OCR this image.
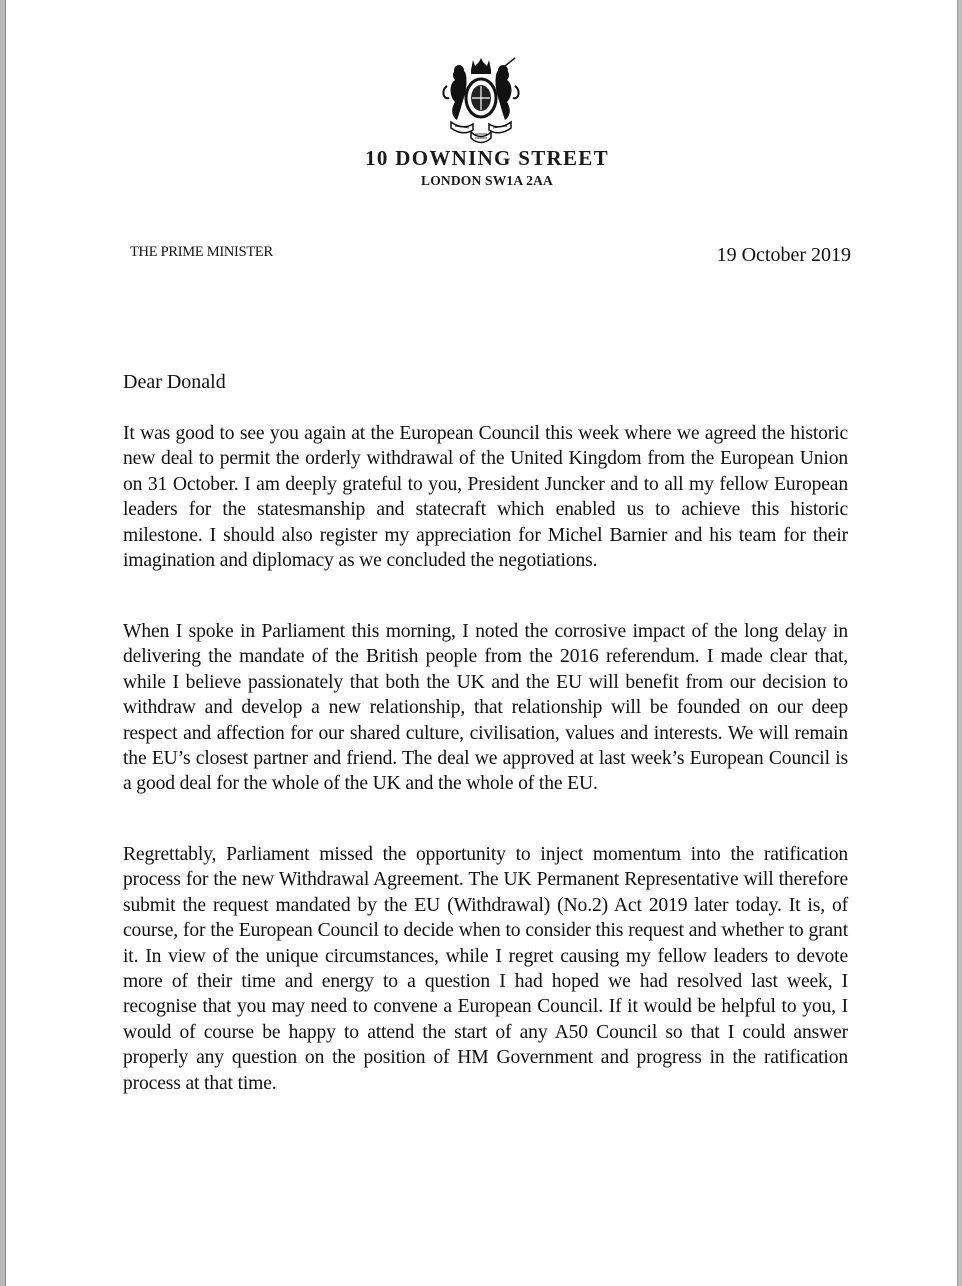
10 DOWNING STREET
LONDON SW1A 2AA
THE PRIME MINISTER	19 October 2019
Dear Donald
It was good to see you again at the European Council this week where we agreed the historic new deal to permit the orderly withdrawal of the United Kingdom from the European Union on 31 October. I am deeply grateful to you, President Juncker and to all my fellow European leaders for the statesmanship and statecraft which enabled us to achieve this historic milestone. I should also register my appreciation for Michel Barnier and his team for their imagination and diplomacy as we concluded the negotiations.
When I spoke in Parliament this morning, I noted the corrosive impact of the long delay in delivering the mandate of the British people from the 2016 referendum. I made clear that, while I believe passionately that both the UK and the EU will benefit from our decision to withdraw and develop a new relationship, that relationship will be founded on our deep respect and affection for our shared culture, civilisation, values and interests. We will remain the EU’s closest partner and friend. The deal we approved at last week’s European Council is a good deal for the whole of the UK and the whole of the EU.
Regrettably, Parliament missed the opportunity to inject momentum into the ratification process for the new Withdrawal Agreement. The UK Permanent Representative will therefore submit the request mandated by the EU (Withdrawal) (No.2) Act 2019 later today. It is, of course, for the European Council to decide when to consider this request and whether to grant it. In view of the unique circumstances, while I regret causing my fellow leaders to devote more of their time and energy to a question I had hoped we had resolved last week, I recognise that you may need to convene a European Council. If it would be helpful to you, I would of course be happy to attend the start of any A50 Council so that I could answer properly any question on the position of HM Government and progress in the ratification process at that time.
